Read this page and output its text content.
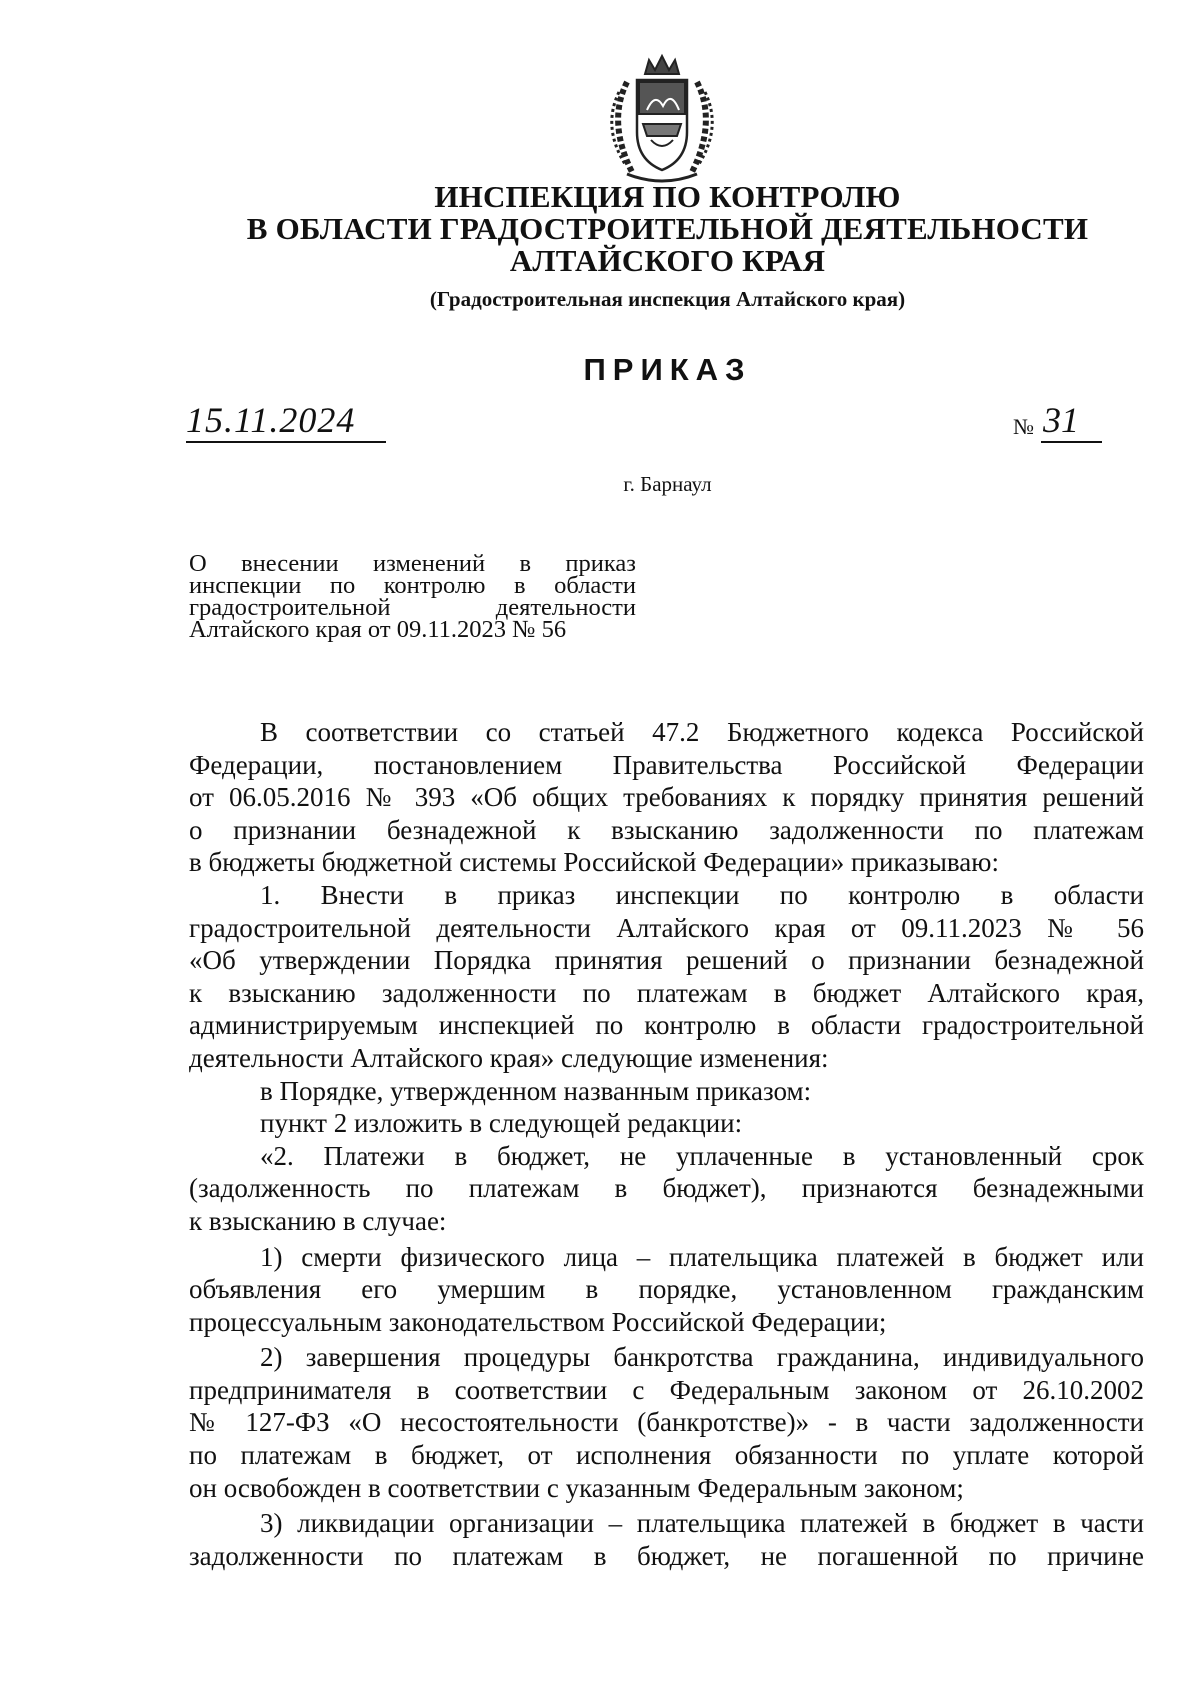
ИНСПЕКЦИЯ ПО КОНТРОЛЮ
В ОБЛАСТИ ГРАДОСТРОИТЕЛЬНОЙ ДЕЯТЕЛЬНОСТИ
АЛТАЙСКОГО КРАЯ
(Градостроительная инспекция Алтайского края)
ПРИКАЗ
15.11.2024	№ 31
г. Барнаул
О внесении изменений в приказ
инспекции по контролю в области
градостроительной деятельности
Алтайского края от 09.11.2023 № 56
В соответствии со статьей 47.2 Бюджетного кодекса Российской
Федерации, постановлением Правительства Российской Федерации
от 06.05.2016 № 393 «Об общих требованиях к порядку принятия решений
о признании безнадежной к взысканию задолженности по платежам
в бюджеты бюджетной системы Российской Федерации» приказываю:
1. Внести в приказ инспекции по контролю в области
градостроительной деятельности Алтайского края от 09.11.2023 № 56
«Об утверждении Порядка принятия решений о признании безнадежной
к взысканию задолженности по платежам в бюджет Алтайского края,
администрируемым инспекцией по контролю в области градостроительной
деятельности Алтайского края» следующие изменения:
в Порядке, утвержденном названным приказом:
пункт 2 изложить в следующей редакции:
«2. Платежи в бюджет, не уплаченные в установленный срок
(задолженность по платежам в бюджет), признаются безнадежными
к взысканию в случае:
1) смерти физического лица – плательщика платежей в бюджет или
объявления его умершим в порядке, установленном гражданским
процессуальным законодательством Российской Федерации;
2) завершения процедуры банкротства гражданина, индивидуального
предпринимателя в соответствии с Федеральным законом от 26.10.2002
№ 127-ФЗ «О несостоятельности (банкротстве)» - в части задолженности
по платежам в бюджет, от исполнения обязанности по уплате которой
он освобожден в соответствии с указанным Федеральным законом;
3) ликвидации организации – плательщика платежей в бюджет в части
задолженности по платежам в бюджет, не погашенной по причине
